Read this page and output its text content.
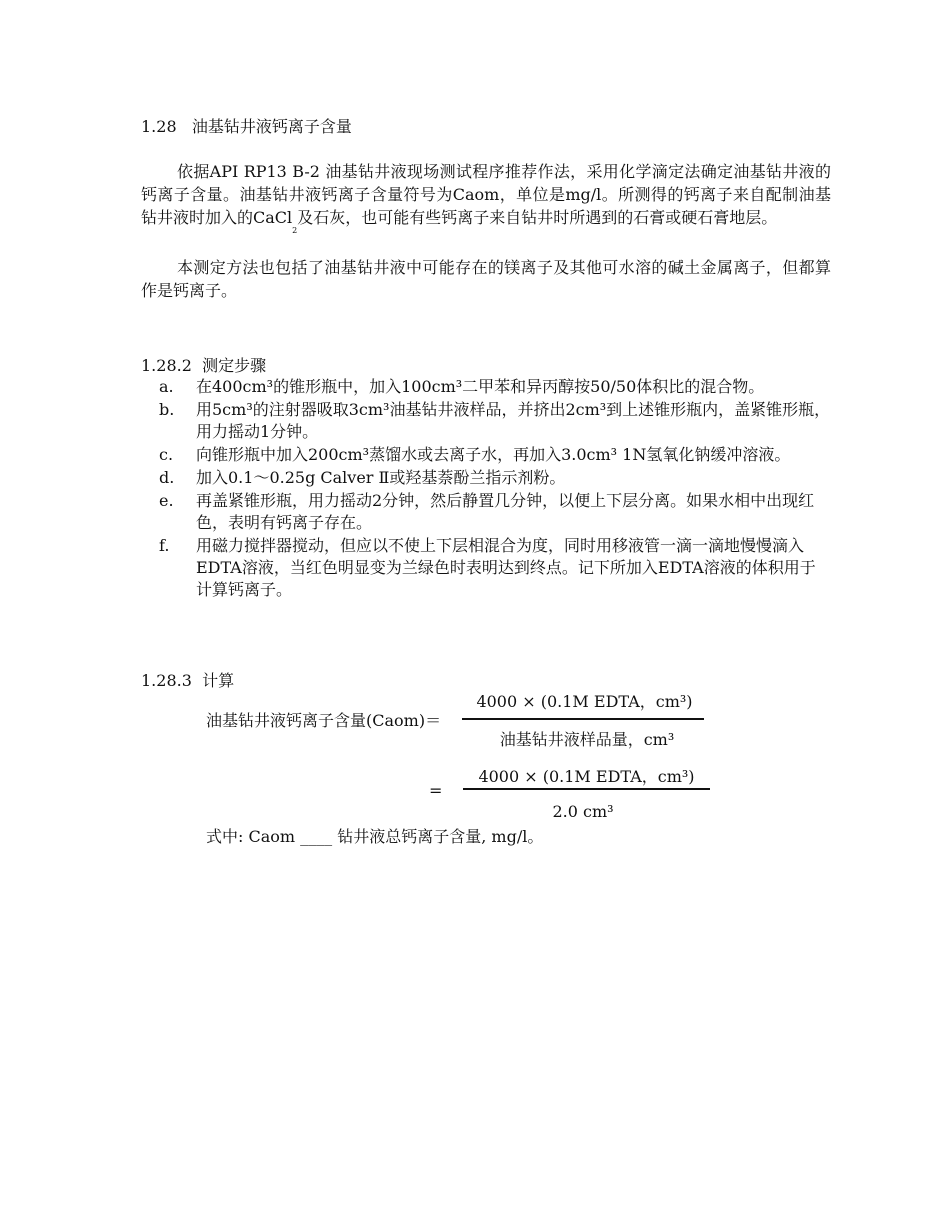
1.28   油基钻井液钙离子含量
依据API RP13 B-2 油基钻井液现场测试程序推荐作法，采用化学滴定法确定油基钻井液的钙离子含量。油基钻井液钙离子含量符号为Caom，单位是mg/l。所测得的钙离子来自配制油基钻井液时加入的CaCl$_2$及石灰，也可能有些钙离子来自钻井时所遇到的石膏或硬石膏地层。
本测定方法也包括了油基钻井液中可能存在的镁离子及其他可水溶的碱土金属离子，但都算作是钙离子。
1.28.2  测定步骤
a. 在400cm³的锥形瓶中，加入100cm³二甲苯和异丙醇按50/50体积比的混合物。
b. 用5cm³的注射器吸取3cm³油基钻井液样品，并挤出2cm³到上述锥形瓶内，盖紧锥形瓶，用力摇动1分钟。
c. 向锥形瓶中加入200cm³蒸馏水或去离子水，再加入3.0cm³ 1N氢氧化钠缓冲溶液。
d. 加入0.1～0.25g Calver Ⅱ或羟基萘酚兰指示剂粉。
e. 再盖紧锥形瓶，用力摇动2分钟，然后静置几分钟，以便上下层分离。如果水相中出现红色，表明有钙离子存在。
f. 用磁力搅拌器搅动，但应以不使上下层相混合为度，同时用移液管一滴一滴地慢慢滴入EDTA溶液，当红色明显变为兰绿色时表明达到终点。记下所加入EDTA溶液的体积用于计算钙离子。
1.28.3  计算
油基钻井液钙离子含量(Caom)＝
4000 × (0.1M EDTA，cm³)
油基钻井液样品量，cm³
=
4000 × (0.1M EDTA，cm³)
2.0 cm³
式中: Caom ____ 钻井液总钙离子含量, mg/l。
